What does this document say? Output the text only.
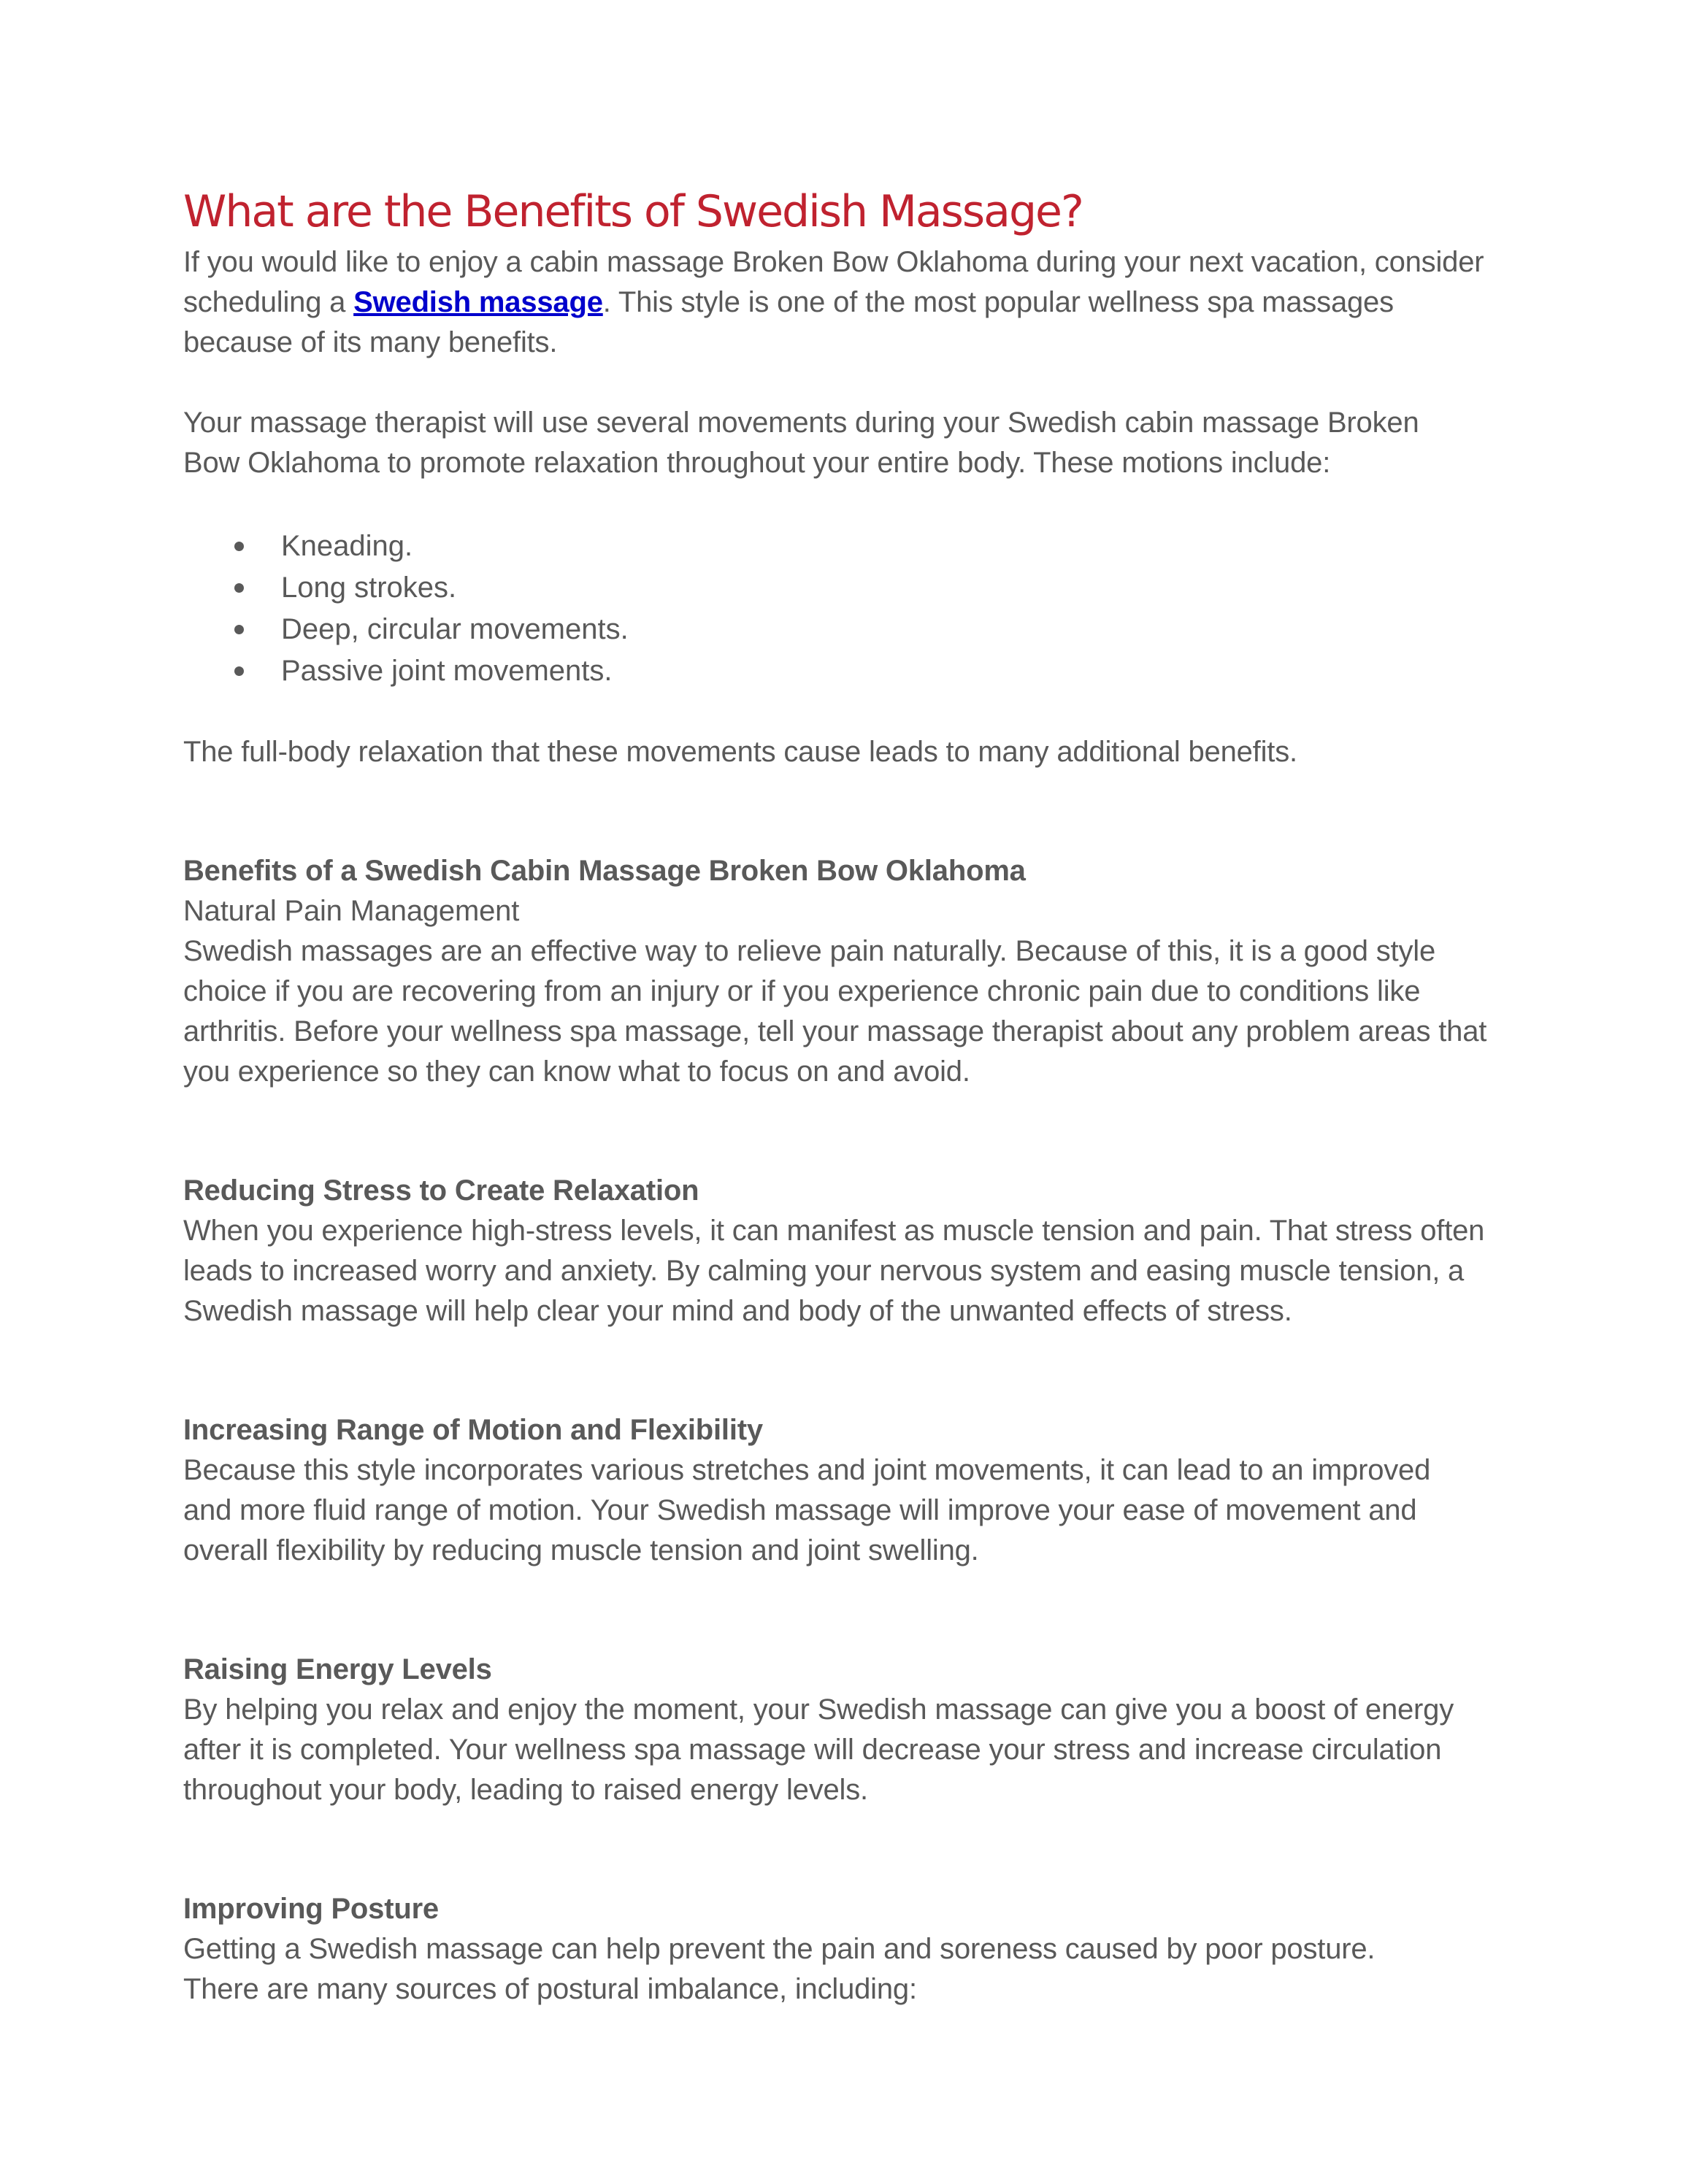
What are the Benefits of Swedish Massage?

If you would like to enjoy a cabin massage Broken Bow Oklahoma during your next vacation, consider scheduling a Swedish massage. This style is one of the most popular wellness spa massages because of its many benefits.

Your massage therapist will use several movements during your Swedish cabin massage Broken Bow Oklahoma to promote relaxation throughout your entire body. These motions include:

Kneading.
Long strokes.
Deep, circular movements.
Passive joint movements.

The full-body relaxation that these movements cause leads to many additional benefits.

Benefits of a Swedish Cabin Massage Broken Bow Oklahoma

Natural Pain Management

Swedish massages are an effective way to relieve pain naturally. Because of this, it is a good style choice if you are recovering from an injury or if you experience chronic pain due to conditions like arthritis. Before your wellness spa massage, tell your massage therapist about any problem areas that you experience so they can know what to focus on and avoid.

Reducing Stress to Create Relaxation

When you experience high-stress levels, it can manifest as muscle tension and pain. That stress often leads to increased worry and anxiety. By calming your nervous system and easing muscle tension, a Swedish massage will help clear your mind and body of the unwanted effects of stress.

Increasing Range of Motion and Flexibility

Because this style incorporates various stretches and joint movements, it can lead to an improved and more fluid range of motion. Your Swedish massage will improve your ease of movement and overall flexibility by reducing muscle tension and joint swelling.

Raising Energy Levels

By helping you relax and enjoy the moment, your Swedish massage can give you a boost of energy after it is completed. Your wellness spa massage will decrease your stress and increase circulation throughout your body, leading to raised energy levels.

Improving Posture

Getting a Swedish massage can help prevent the pain and soreness caused by poor posture. There are many sources of postural imbalance, including:
